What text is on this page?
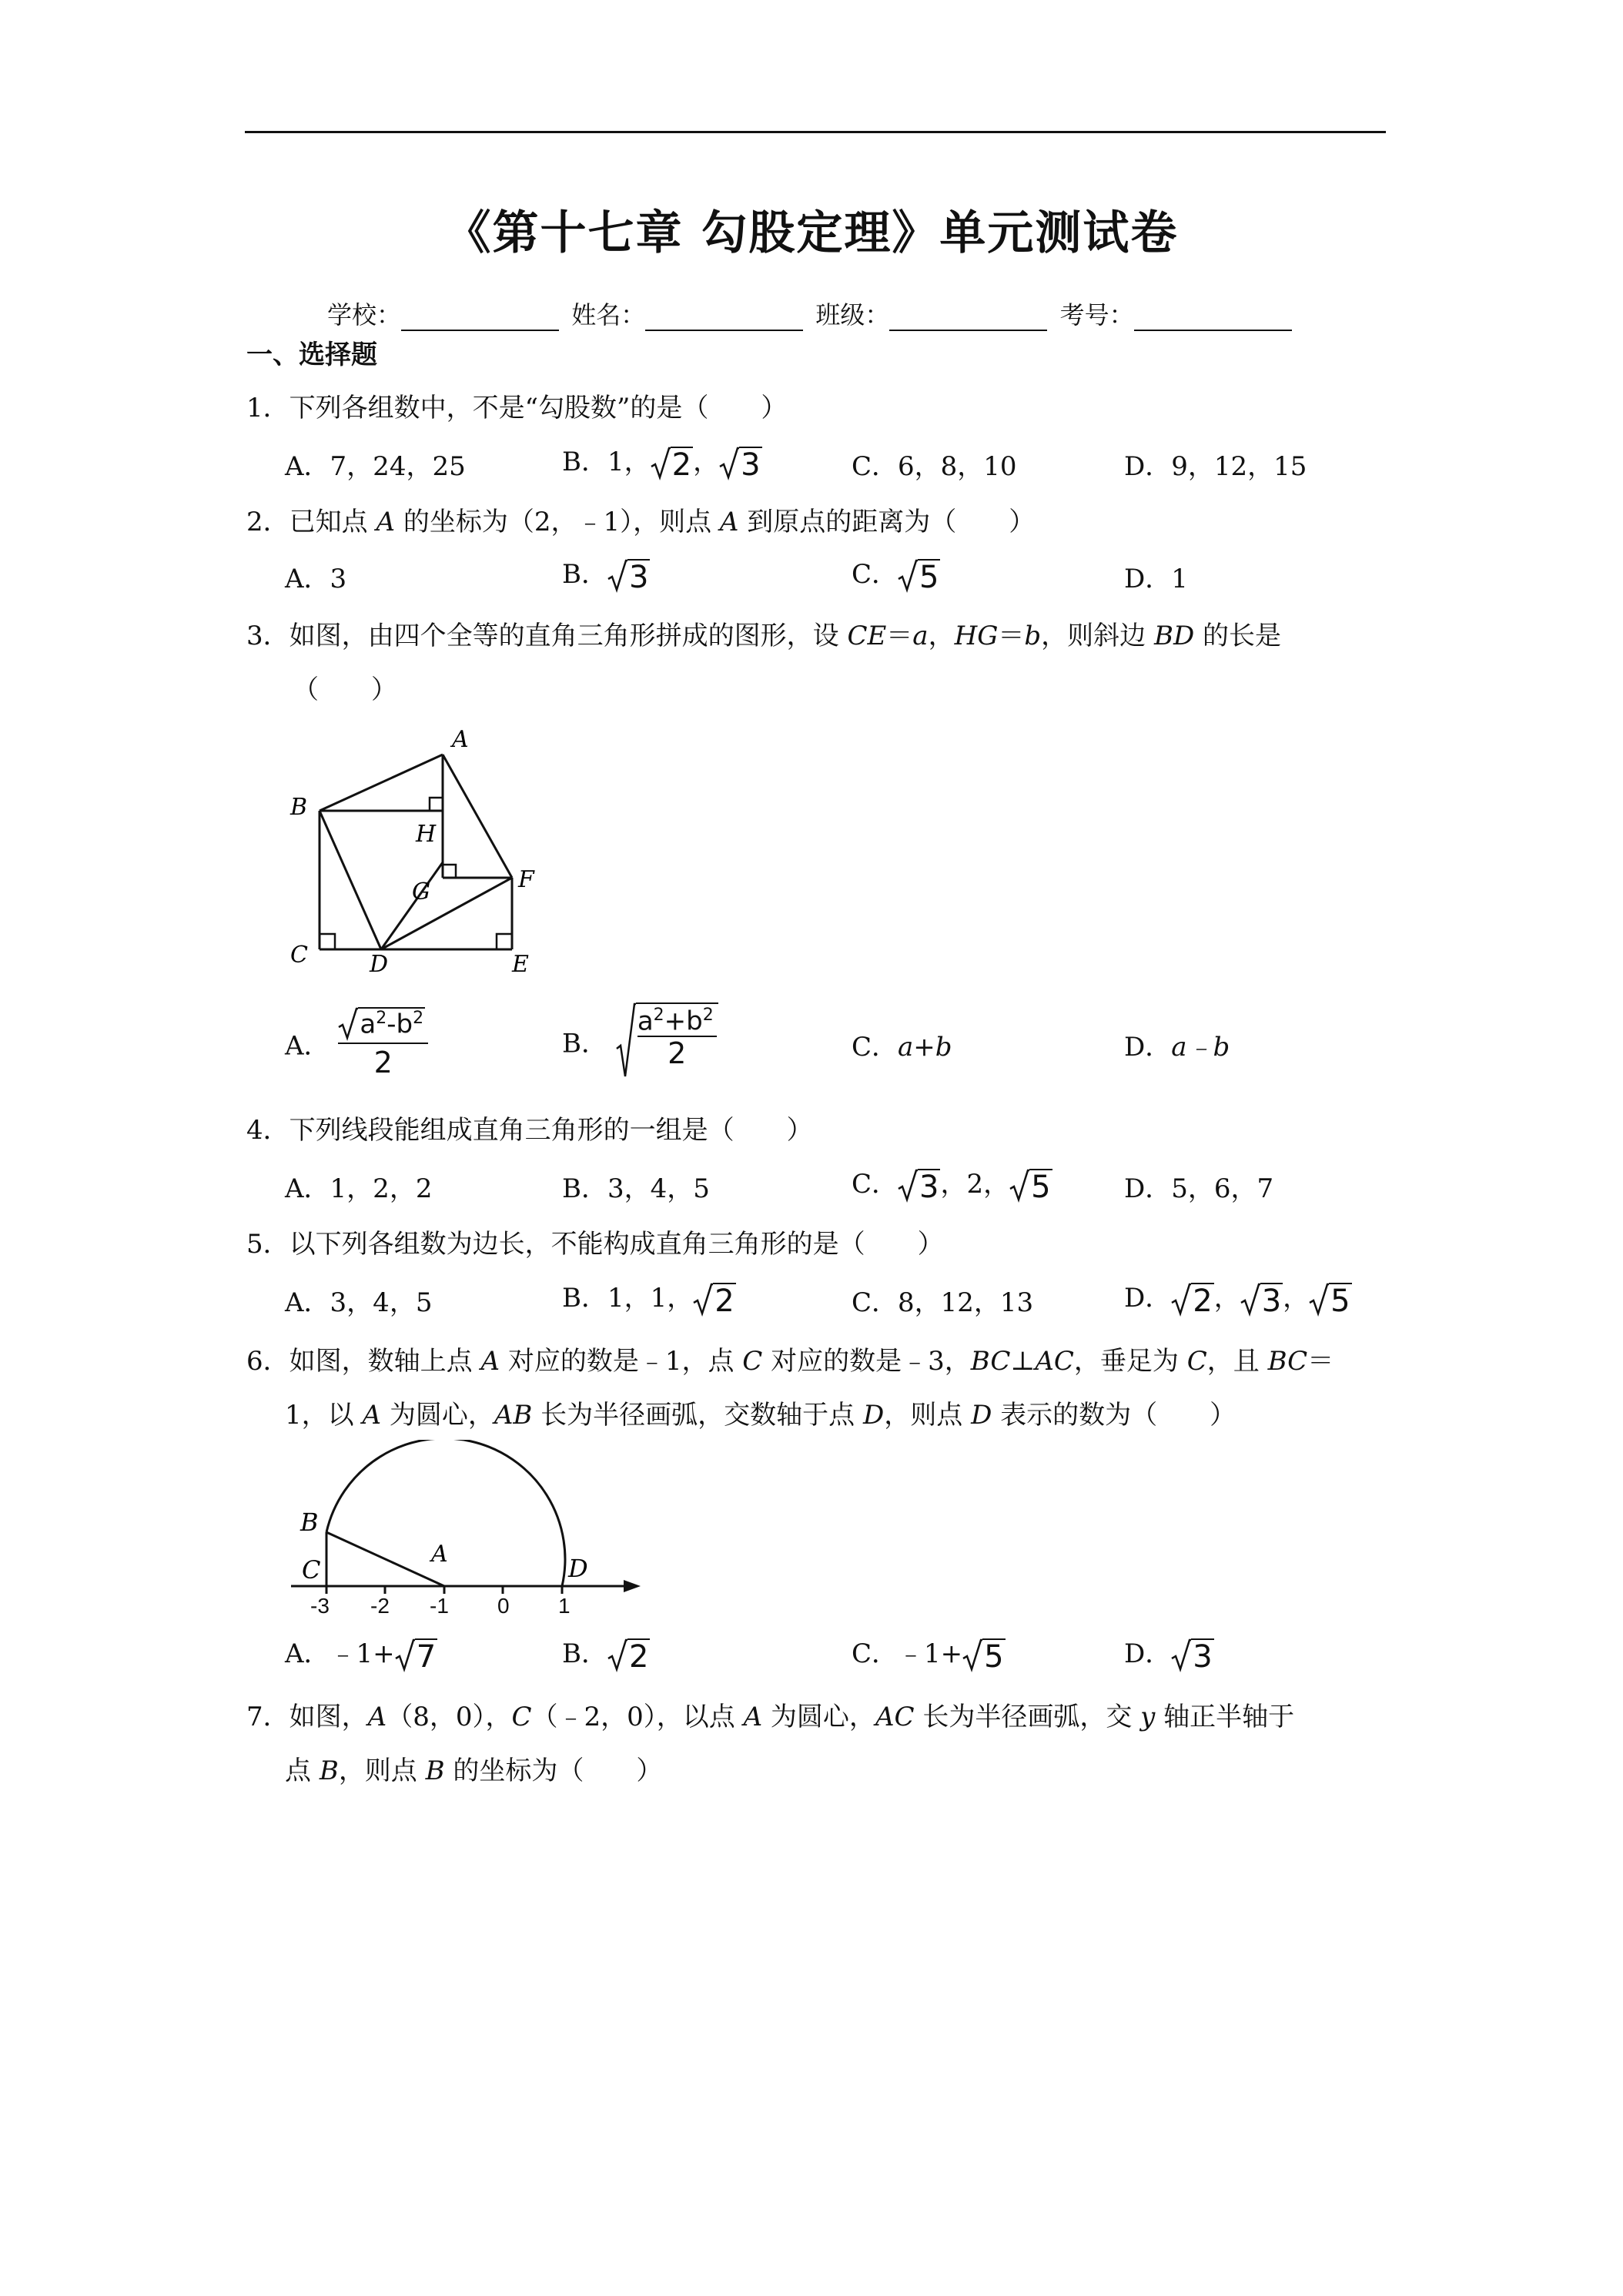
《第十七章 勾股定理》单元测试卷
学校：	姓名：	班级：	考号：
一、选择题
1．下列各组数中，不是“勾股数”的是（　　）
A．7，24，25	B．1， 2 ， 3	C．6，8，10	D．9，12，15
2．已知点 A 的坐标为（2，﹣1），则点 A 到原点的距离为（　　）
A．3	B． 3	C． 5	D．1
3．如图，由四个全等的直角三角形拼成的图形，设 CE＝a，HG＝b，则斜边 BD 的长是
（　　）
A
B
H
G	F
C	D	E
A． $\frac{a^2-b^2}{2}$	B． $\frac{a^2+b^2}{2}$	C．a+b	D．a﹣b
4．下列线段能组成直角三角形的一组是（　　）
A．1，2，2	B．3，4，5	C． 3 ，2， 5	D．5，6，7
5．以下列各组数为边长，不能构成直角三角形的是（　　）
A．3，4，5	B．1，1， 2	C．8，12，13	D． 2 ， 3 ， 5
6．如图，数轴上点 A 对应的数是﹣1，点 C 对应的数是﹣3，BC⊥AC，垂足为 C，且 BC＝
1，以 A 为圆心，AB 长为半径画弧，交数轴于点 D，则点 D 表示的数为（　　）
B
C
A	D
-3 -2 -1 0 1
A．﹣1+ 7	B． 2	C．﹣1+ 5	D． 3
7．如图，A（8，0），C（﹣2，0），以点 A 为圆心，AC 长为半径画弧，交 y 轴正半轴于
点 B，则点 B 的坐标为（　　）
